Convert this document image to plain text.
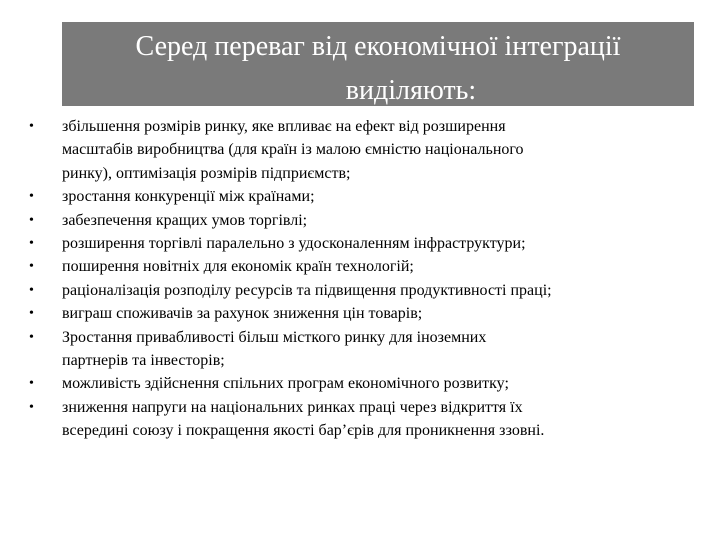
Серед переваг від економічної інтеграції
виділяють:
• збільшення розмірів ринку, яке впливає на ефект від розширення
масштабів виробництва (для країн із малою ємністю національного
ринку), оптимізація розмірів підприємств;
• зростання конкуренції між країнами;
• забезпечення кращих умов торгівлі;
• розширення торгівлі паралельно з удосконаленням інфраструктури;
• поширення новітніх для економік країн технологій;
• раціоналізація розподілу ресурсів та підвищення продуктивності праці;
• виграш споживачів за рахунок зниження цін товарів;
• Зростання привабливості більш місткого ринку для іноземних
партнерів та інвесторів;
• можливість здійснення спільних програм економічного розвитку;
• зниження напруги на національних ринках праці через відкриття їх
всередині союзу і покращення якості бар’єрів для проникнення ззовні.
